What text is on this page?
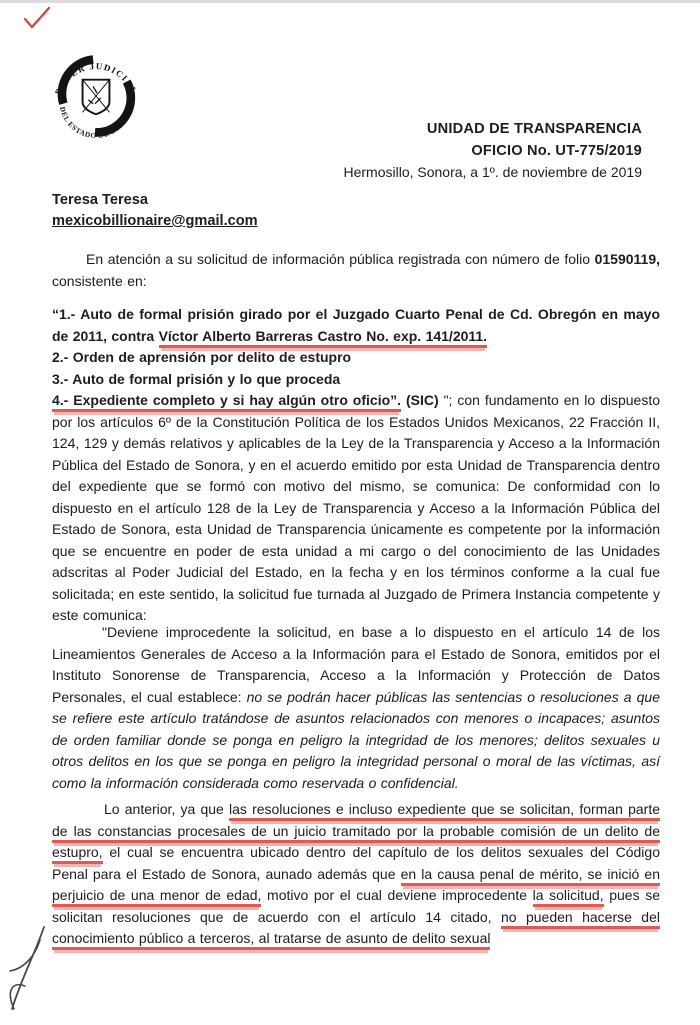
PODER JUDICIAL
DEL ESTADO DE SONORA
UNIDAD DE TRANSPARENCIA
OFICIO No. UT-775/2019
Hermosillo, Sonora, a 1º. de noviembre de 2019
Teresa Teresa
mexicobillionaire@gmail.com

En atención a su solicitud de información pública registrada con número de folio 01590119, consistente en:

“1.- Auto de formal prisión girado por el Juzgado Cuarto Penal de Cd. Obregón en mayo de 2011, contra Víctor Alberto Barreras Castro No. exp. 141/2011.

2.- Orden de aprensión por delito de estupro

3.- Auto de formal prisión y lo que proceda

4.- Expediente completo y si hay algún otro oficio”. (SIC) "; con fundamento en lo dispuesto por los artículos 6º de la Constitución Política de los Estados Unidos Mexicanos, 22 Fracción II, 124, 129 y demás relativos y aplicables de la Ley de la Transparencia y Acceso a la Información Pública del Estado de Sonora, y en el acuerdo emitido por esta Unidad de Transparencia dentro del expediente que se formó con motivo del mismo, se comunica: De conformidad con lo dispuesto en el artículo 128 de la Ley de Transparencia y Acceso a la Información Pública del Estado de Sonora, esta Unidad de Transparencia únicamente es competente por la información que se encuentre en poder de esta unidad a mi cargo o del conocimiento de las Unidades adscritas al Poder Judicial del Estado, en la fecha y en los términos conforme a la cual fue solicitada; en este sentido, la solicitud fue turnada al Juzgado de Primera Instancia competente y este comunica:

"Deviene improcedente la solicitud, en base a lo dispuesto en el artículo 14 de los Lineamientos Generales de Acceso a la Información para el Estado de Sonora, emitidos por el Instituto Sonorense de Transparencia, Acceso a la Información y Protección de Datos Personales, el cual establece: no se podrán hacer públicas las sentencias o resoluciones a que se refiere este artículo tratándose de asuntos relacionados con menores o incapaces; asuntos de orden familiar donde se ponga en peligro la integridad de los menores; delitos sexuales u otros delitos en los que se ponga en peligro la integridad personal o moral de las víctimas, así como la información considerada como reservada o confidencial.

Lo anterior, ya que las resoluciones e incluso expediente que se solicitan, forman parte de las constancias procesales de un juicio tramitado por la probable comisión de un delito de estupro, el cual se encuentra ubicado dentro del capítulo de los delitos sexuales del Código Penal para el Estado de Sonora, aunado además que en la causa penal de mérito, se inició en perjuicio de una menor de edad, motivo por el cual deviene improcedente la solicitud, pues se solicitan resoluciones que de acuerdo con el artículo 14 citado, no pueden hacerse del conocimiento público a terceros, al tratarse de asunto de delito sexual
